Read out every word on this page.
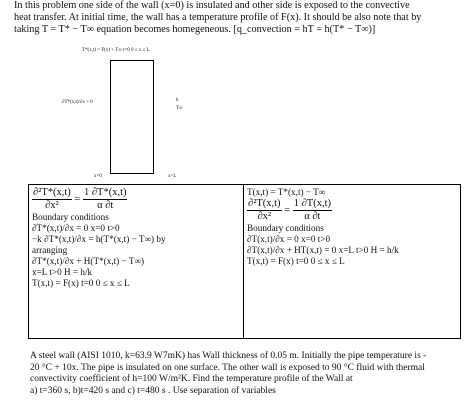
In this problem one side of the wall (x=0) is insulated and other side is exposed to the convective
heat transfer. At initial time, the wall has a temperature profile of F(x). It should be also note that by
taking T = T* − T∞ equation becomes homegeneous. [q_convection = hT = h(T* − T∞)]
T*(x,t) = F(x) + T∞ t=0 0 ≤ x ≤ L
∂T*(x,t)/∂x = 0	h
T∞
x=0	x=L
$\frac{\text{∂²T*(x,t)}}{\text{∂x²}} = \frac{1 \partial T*(x,t)}{\alpha \partial t}$
Boundary conditions
∂T*(x,t)/∂x = 0 x=0 t>0
−k ∂T*(x,t)/∂x = h(T*(x,t) − T∞) by
arranging
∂T*(x,t)/∂x + H(T*(x,t) − T∞)
x=L t>0 H = h/k
T(x,t) = F(x) t=0 0 ≤ x ≤ L

T(x,t) = T*(x,t) − T∞
$\frac{\text{∂²T(x,t)}}{\text{∂x²}} = \frac{1 \partial T(x,t)}{\alpha \partial t}$
Boundary conditions
∂T(x,t)/∂x = 0 x=0 t>0
∂T(x,t)/∂x + HT(x,t) = 0 x=L t>0 H = h/k
T(x,t) = F(x) t=0 0 ≤ x ≤ L
A steel wall (AISI 1010, k=63.9 W7mK) has Wall thickness of 0.05 m. Initially the pipe temperature is -
20 °C + 10x. The pipe is insulated on one surface. The other wall is exposed to 90 °C fluid with thermal
convectivity coefficient of h=100 W/m²K. Find the temperature profile of the Wall at
a) t=360 s, b)t=420 s and c) t=480 s . Use separation of variables
